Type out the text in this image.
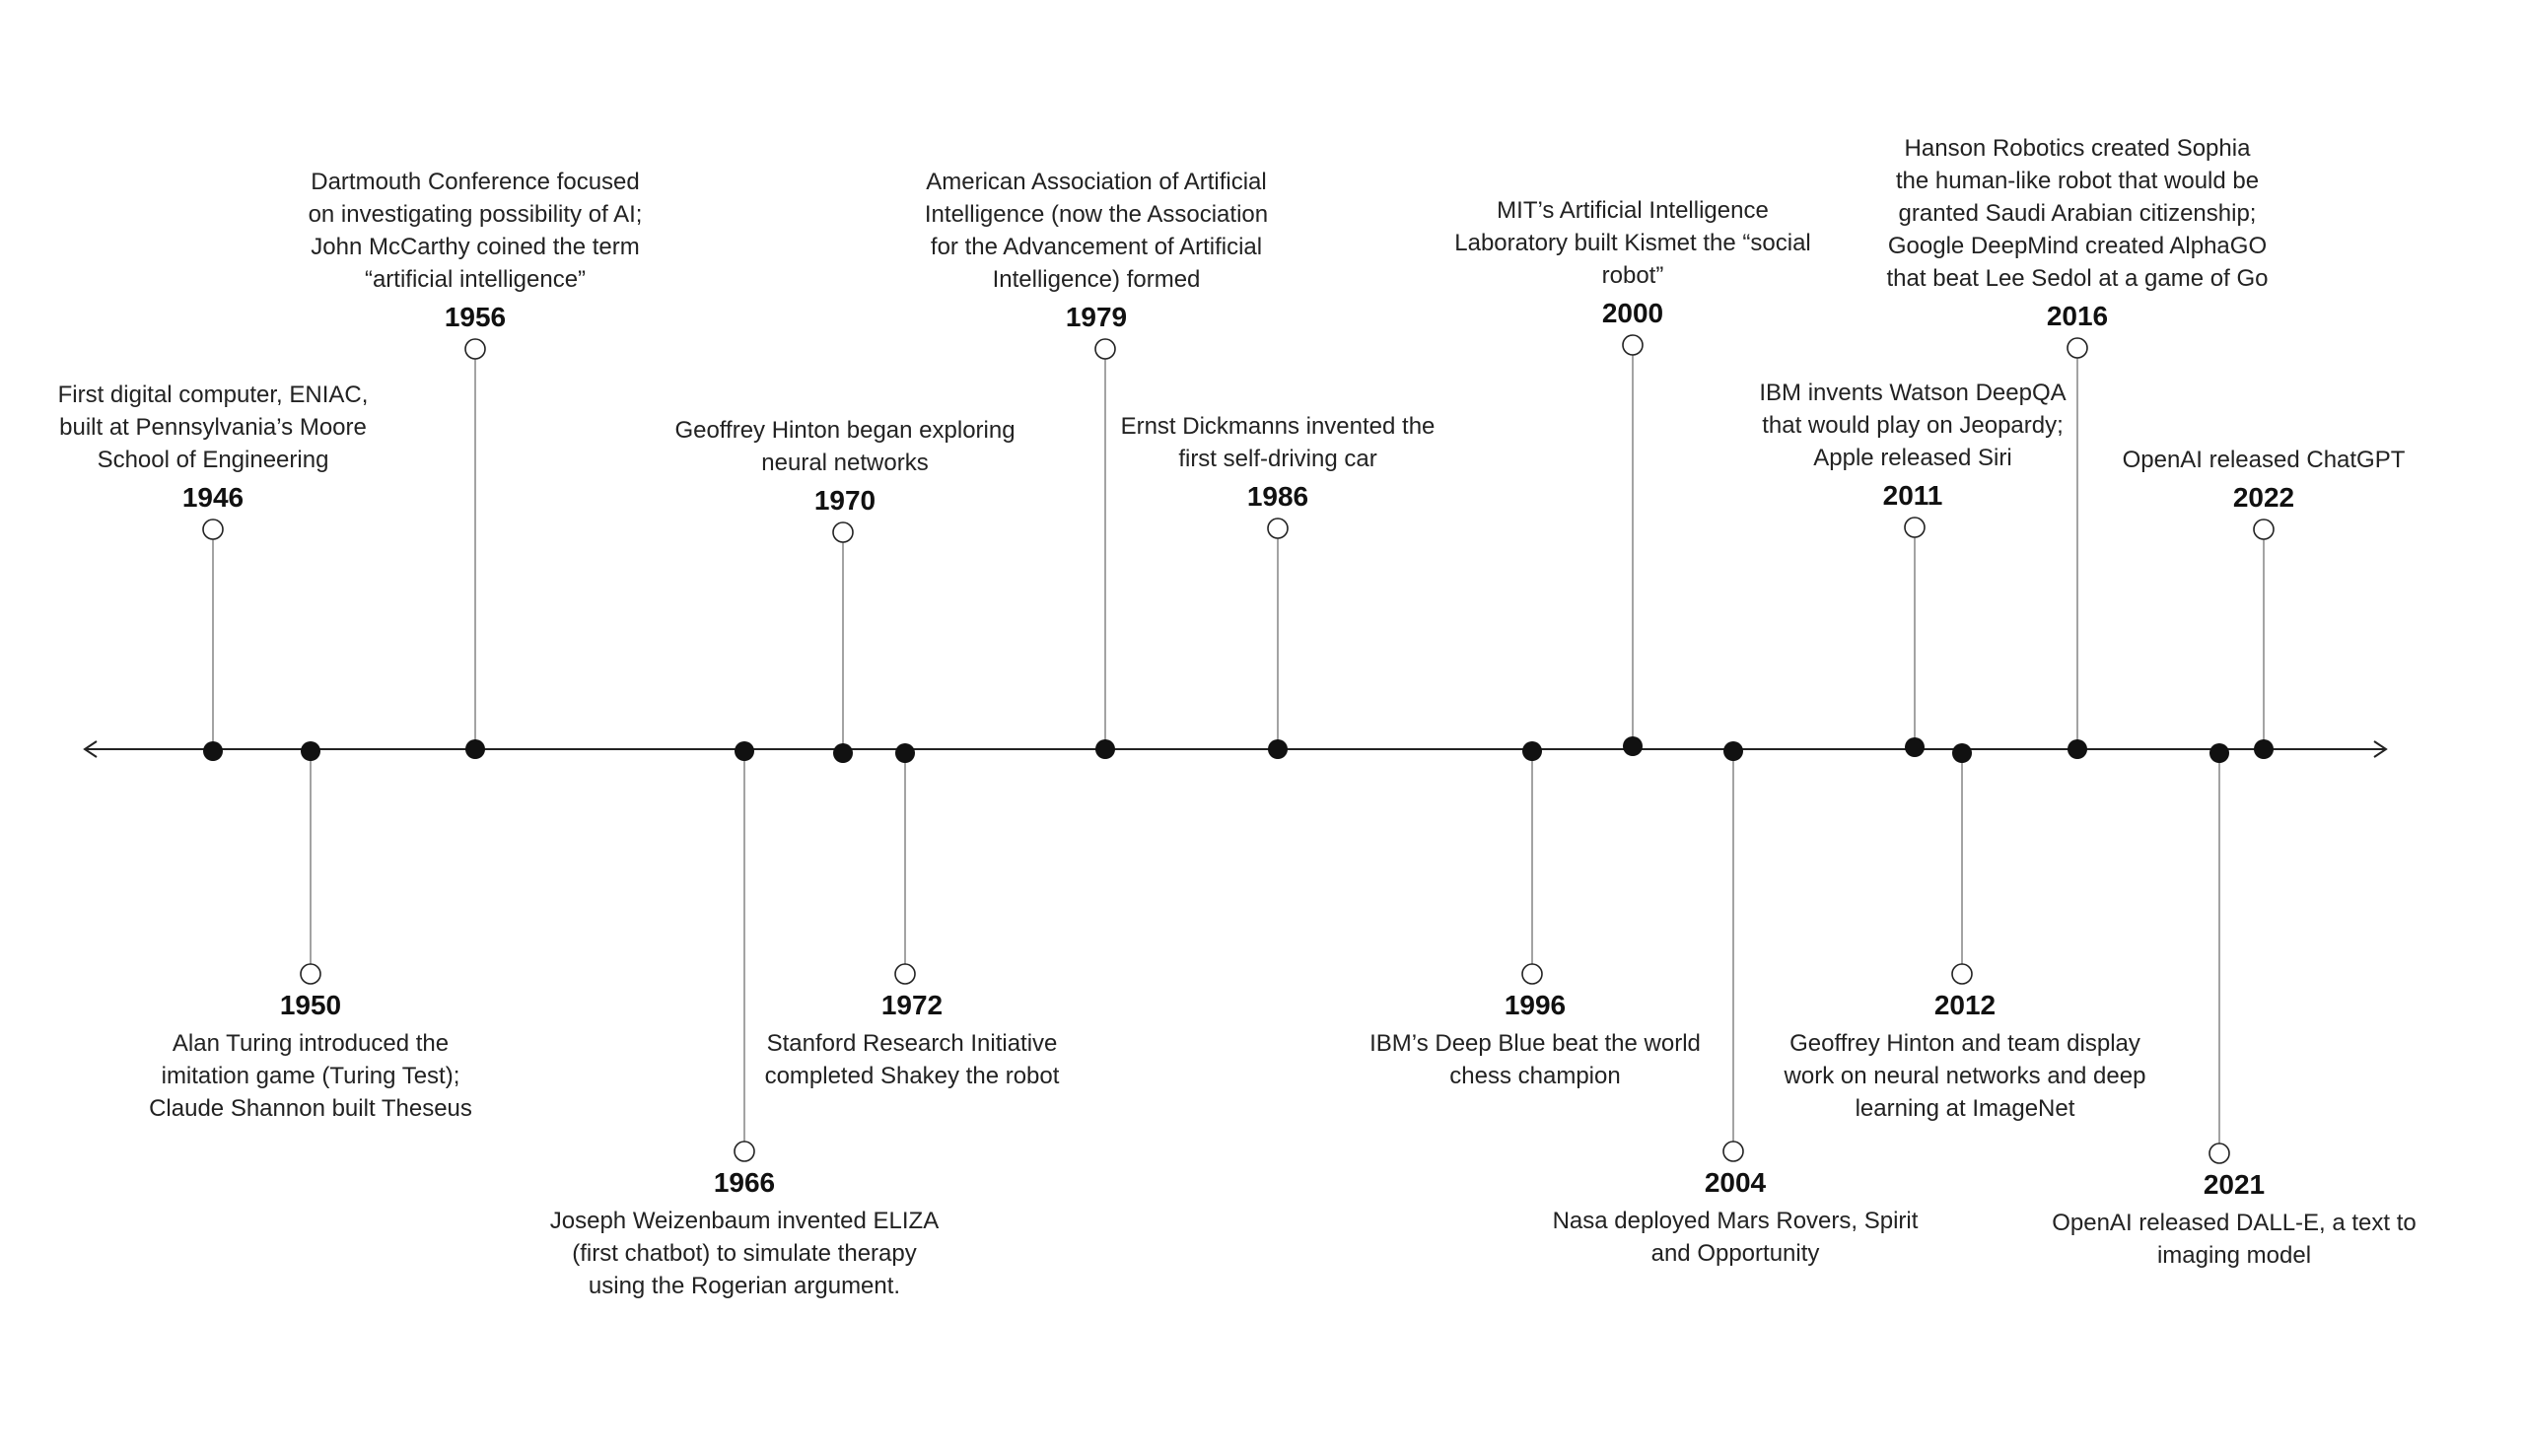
1946
First digital computer, ENIAC,
built at Pennsylvania’s Moore
School of Engineering
1950
Alan Turing introduced the
imitation game (Turing Test);
Claude Shannon built Theseus
1956
Dartmouth Conference focused
on investigating possibility of AI;
John McCarthy coined the term
“artificial intelligence”
1966
Joseph Weizenbaum invented ELIZA
(first chatbot) to simulate therapy
using the Rogerian argument.
1970
Geoffrey Hinton began exploring
neural networks
1972
Stanford Research Initiative
completed Shakey the robot
1979
American Association of Artificial
Intelligence (now the Association
for the Advancement of Artificial
Intelligence) formed
1986
Ernst Dickmanns invented the
first self-driving car
1996
IBM’s Deep Blue beat the world
chess champion
2000
MIT’s Artificial Intelligence
Laboratory built Kismet the “social
robot”
2004
Nasa deployed Mars Rovers, Spirit
and Opportunity
2011
IBM invents Watson DeepQA
that would play on Jeopardy;
Apple released Siri
2012
Geoffrey Hinton and team display
work on neural networks and deep
learning at ImageNet
2016
Hanson Robotics created Sophia
the human-like robot that would be
granted Saudi Arabian citizenship;
Google DeepMind created AlphaGO
that beat Lee Sedol at a game of Go
2021
OpenAI released DALL-E, a text to
imaging model
2022
OpenAI released ChatGPT
